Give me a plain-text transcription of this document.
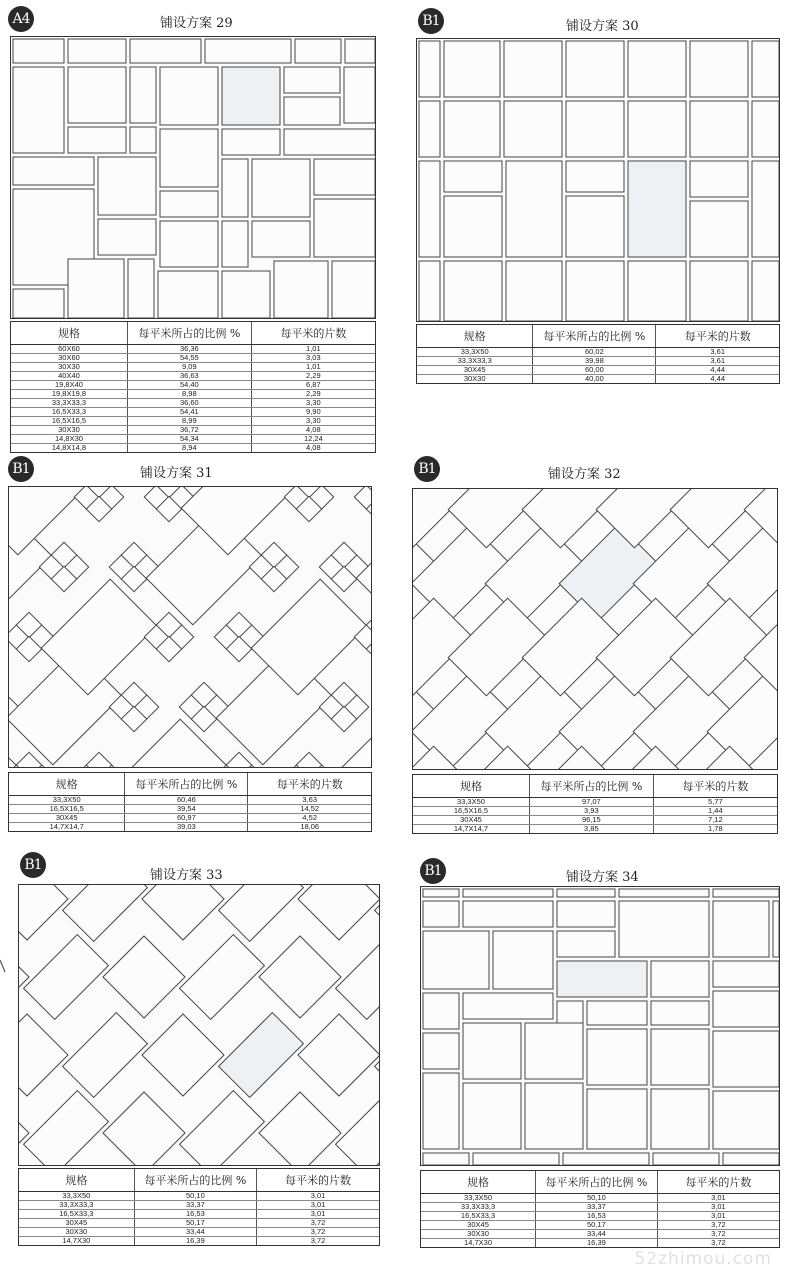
A4	铺设方案 29
规格	每平米所占的比例 %	每平米的片数
60X60	36,36	1,01
30X60	54,55	3,03
30X30	9,09	1,01
40X40	36,63	2,29
19,8X40	54,40	6,87
19,8X19,8	8,98	2,29
33,3X33,3	36,60	3,30
16,5X33,3	54,41	9,90
16,5X16,5	8,99	3,30
30X30	36,72	4,08
14,8X30	54,34	12,24
14,8X14,8	8,94	4,08
B1	铺设方案 30
规格	每平米所占的比例 %	每平米的片数
33,3X50	60,02	3,61
33,3X33,3	39,98	3,61
30X45	60,00	4,44
30X30	40,00	4,44
B1	铺设方案 31
规格	每平米所占的比例 %	每平米的片数
33,3X50	60,46	3,63
16,5X16,5	39,54	14,52
30X45	60,97	4,52
14,7X14,7	39,03	18,06
B1	铺设方案 32
规格	每平米所占的比例 %	每平米的片数
33,3X50	97,07	5,77
16,5X16,5	3,93	1,44
30X45	96,15	7,12
14,7X14,7	3,85	1,78
B1
铺设方案 33
规格	每平米所占的比例 %	每平米的片数
33,3X50	50,10	3,01
33,3X33,3	33,37	3,01
16,5X33,3	16,53	3,01
30X45	50,17	3,72
30X30	33,44	3,72
14,7X30	16,39	3,72
B1	铺设方案 34
规格	每平米所占的比例 %	每平米的片数
33,3X50	50,10	3,01
33,3X33,3	33,37	3,01
16,5X33,3	16,53	3,01
30X45	50,17	3,72
30X30	33,44	3,72
14,7X30	16,39	3,72
52zhimou.com
